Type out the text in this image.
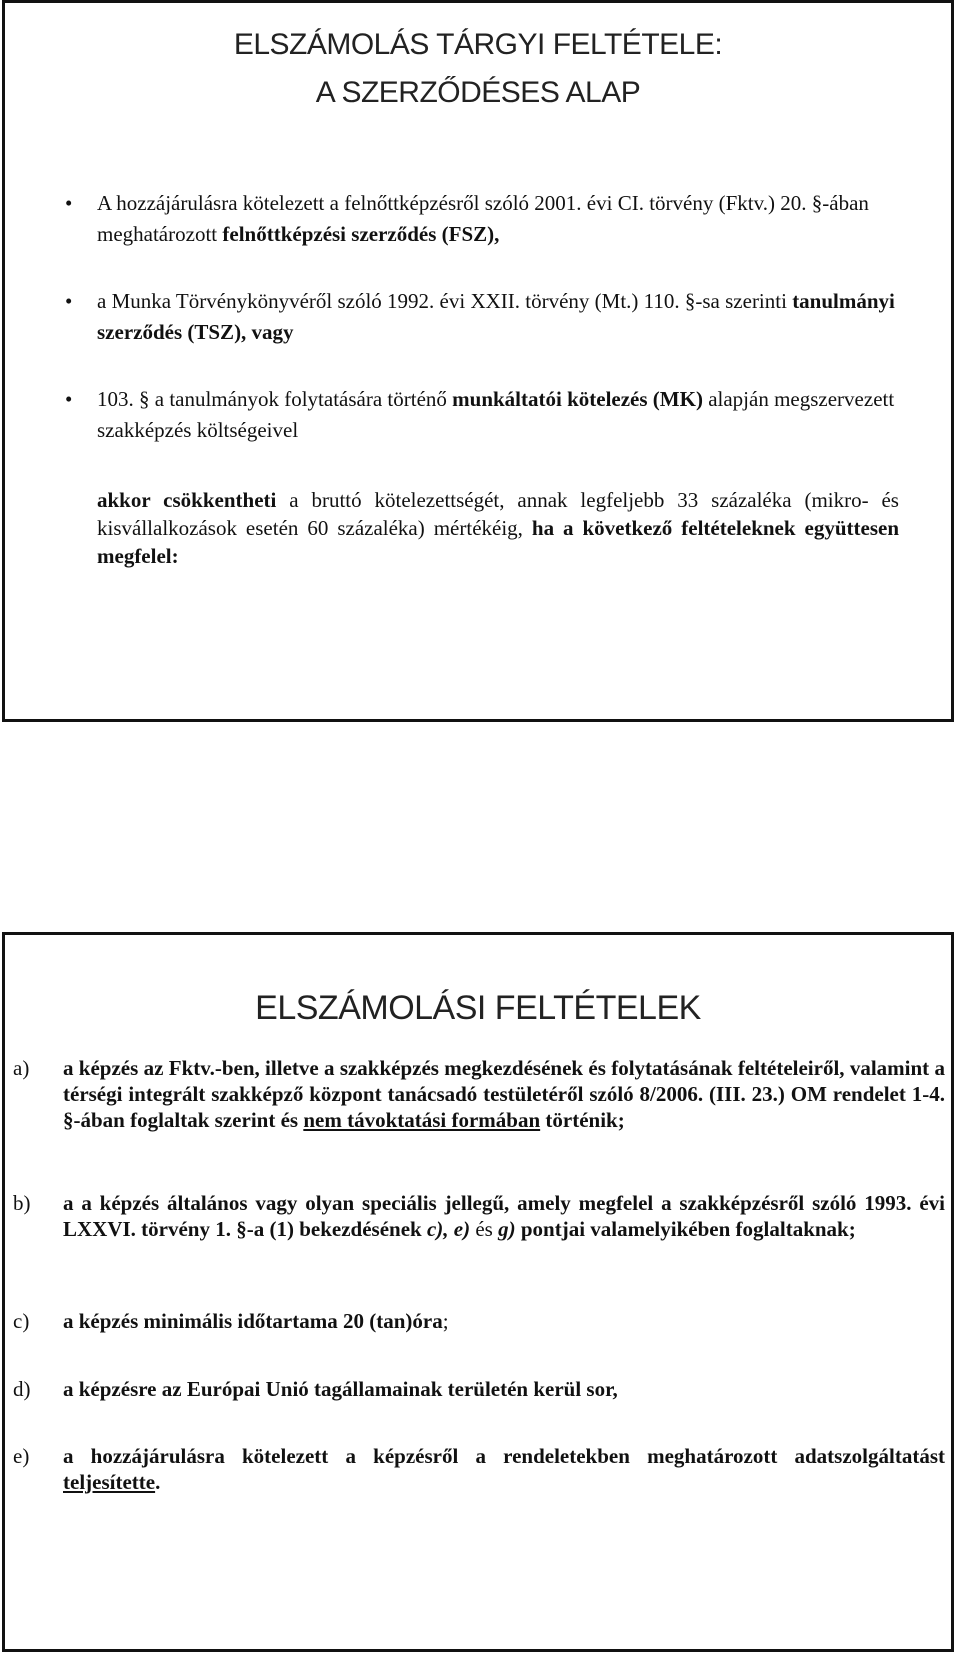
ELSZÁMOLÁS TÁRGYI FELTÉTELE:
A SZERZŐDÉSES ALAP
• A hozzájárulásra kötelezett a felnőttképzésről szóló 2001. évi CI. törvény (Fktv.) 20. §-ában meghatározott felnőttképzési szerződés (FSZ),
• a Munka Törvénykönyvéről szóló 1992. évi XXII. törvény (Mt.) 110. §-sa szerinti tanulmányi szerződés (TSZ), vagy
• 103. § a tanulmányok folytatására történő munkáltatói kötelezés (MK) alapján megszervezett szakképzés költségeivel

akkor csökkentheti a bruttó kötelezettségét, annak legfeljebb 33 százaléka (mikro- és kisvállalkozások esetén 60 százaléka) mértékéig, ha a következő feltételeknek együttesen megfelel:

ELSZÁMOLÁSI FELTÉTELEK
a) a képzés az Fktv.-ben, illetve a szakképzés megkezdésének és folytatásának feltételeiről, valamint a térségi integrált szakképző központ tanácsadó testületéről szóló 8/2006. (III. 23.) OM rendelet 1-4. §-ában foglaltak szerint és nem távoktatási formában történik;
b) a a képzés általános vagy olyan speciális jellegű, amely megfelel a szakképzésről szóló 1993. évi LXXVI. törvény 1. §-a (1) bekezdésének c), e) és g) pontjai valamelyikében foglaltaknak;
c) a képzés minimális időtartama 20 (tan)óra;
d) a képzésre az Európai Unió tagállamainak területén kerül sor,
e) a hozzájárulásra kötelezett a képzésről a rendeletekben meghatározott adatszolgáltatást teljesítette.
